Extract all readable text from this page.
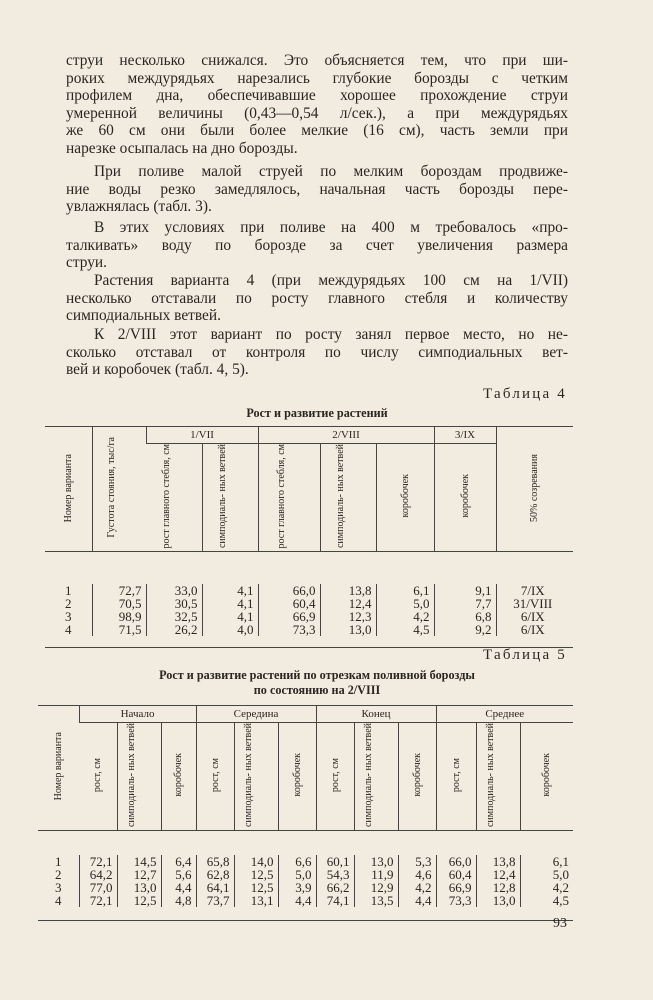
струи несколько снижался. Это объясняется тем, что при ши-
роких междурядьях нарезались глубокие борозды с четким
профилем дна, обеспечивавшие хорошее прохождение струи
умеренной величины (0,43—0,54 л/сек.), а при междурядьях
же 60 см они были более мелкие (16 см), часть земли при
нарезке осыпалась на дно борозды.
При поливе малой струей по мелким бороздам продвиже-
ние воды резко замедлялось, начальная часть борозды пере-
увлажнялась (табл. 3).
В этих условиях при поливе на 400 м требовалось «про-
талкивать» воду по борозде за счет увеличения размера
струи.
Растения варианта 4 (при междурядьях 100 см на 1/VII)
несколько отставали по росту главного стебля и количеству
симподиальных ветвей.
К 2/VIII этот вариант по росту занял первое место, но не-
сколько отставал от контроля по числу симподиальных вет-
вей и коробочек (табл. 4, 5).
Таблица 4
Рост и развитие растений
Номер варианта	Густота стояния, тыс/га	1/VII		2/VIII			3/IX	50% созревания
		рост главного стебля, см	симподиаль- ных ветвей	рост главного стебля, см	симподиаль- ных ветвей	коробочек	коробочек	

1	72,7	33,0	4,1	66,0	13,8	6,1	9,1	7/IX
2	70,5	30,5	4,1	60,4	12,4	5,0	7,7	31/VIII
3	98,9	32,5	4,1	66,9	12,3	4,2	6,8	6/IX
4	71,5	26,2	4,0	73,3	13,0	4,5	9,2	6/IX

Таблица 5
Рост и развитие растений по отрезкам поливной борозды
по состоянию на 2/VIII
Номер варианта	Начало			Середина			Конец			Среднее		
	рост, см	симподиаль- ных ветвей	коробочек	рост, см	симподиаль- ных ветвей	коробочек	рост, см	симподиаль- ных ветвей	коробочек	рост, см	симподиаль- ных ветвей	коробочек

1	72,1	14,5	6,4	65,8	14,0	6,6	60,1	13,0	5,3	66,0	13,8	6,1
2	64,2	12,7	5,6	62,8	12,5	5,0	54,3	11,9	4,6	60,4	12,4	5,0
3	77,0	13,0	4,4	64,1	12,5	3,9	66,2	12,9	4,2	66,9	12,8	4,2
4	72,1	12,5	4,8	73,7	13,1	4,4	74,1	13,5	4,4	73,3	13,0	4,5

93
